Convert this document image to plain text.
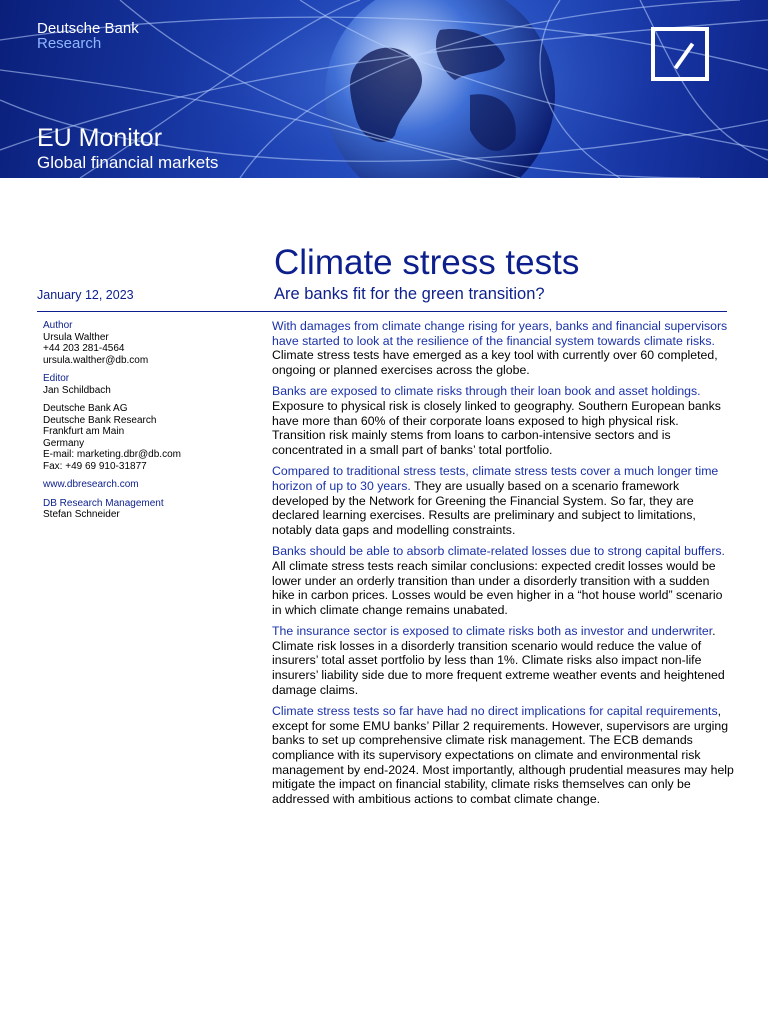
Deutsche Bank
Research
EU Monitor
Global financial markets
Climate stress tests
Are banks fit for the green transition?
January 12, 2023
Author
Ursula Walther
+44 203 281-4564
ursula.walther@db.com
Editor
Jan Schildbach
Deutsche Bank AG
Deutsche Bank Research
Frankfurt am Main
Germany
E-mail: marketing.dbr@db.com
Fax: +49 69 910-31877
www.dbresearch.com
DB Research Management
Stefan Schneider

With damages from climate change rising for years, banks and financial supervisors have started to look at the resilience of the financial system towards climate risks. Climate stress tests have emerged as a key tool with currently over 60 completed, ongoing or planned exercises across the globe.

Banks are exposed to climate risks through their loan book and asset holdings. Exposure to physical risk is closely linked to geography. Southern European banks have more than 60% of their corporate loans exposed to high physical risk. Transition risk mainly stems from loans to carbon-intensive sectors and is concentrated in a small part of banks’ total portfolio.

Compared to traditional stress tests, climate stress tests cover a much longer time horizon of up to 30 years. They are usually based on a scenario framework developed by the Network for Greening the Financial System. So far, they are declared learning exercises. Results are preliminary and subject to limitations, notably data gaps and modelling constraints.

Banks should be able to absorb climate-related losses due to strong capital buffers. All climate stress tests reach similar conclusions: expected credit losses would be lower under an orderly transition than under a disorderly transition with a sudden hike in carbon prices. Losses would be even higher in a “hot house world” scenario in which climate change remains unabated.

The insurance sector is exposed to climate risks both as investor and underwriter. Climate risk losses in a disorderly transition scenario would reduce the value of insurers’ total asset portfolio by less than 1%. Climate risks also impact non-life insurers’ liability side due to more frequent extreme weather events and heightened damage claims.

Climate stress tests so far have had no direct implications for capital requirements, except for some EMU banks’ Pillar 2 requirements. However, supervisors are urging banks to set up comprehensive climate risk management. The ECB demands compliance with its supervisory expectations on climate and environmental risk management by end-2024. Most importantly, although prudential measures may help mitigate the impact on financial stability, climate risks themselves can only be addressed with ambitious actions to combat climate change.
